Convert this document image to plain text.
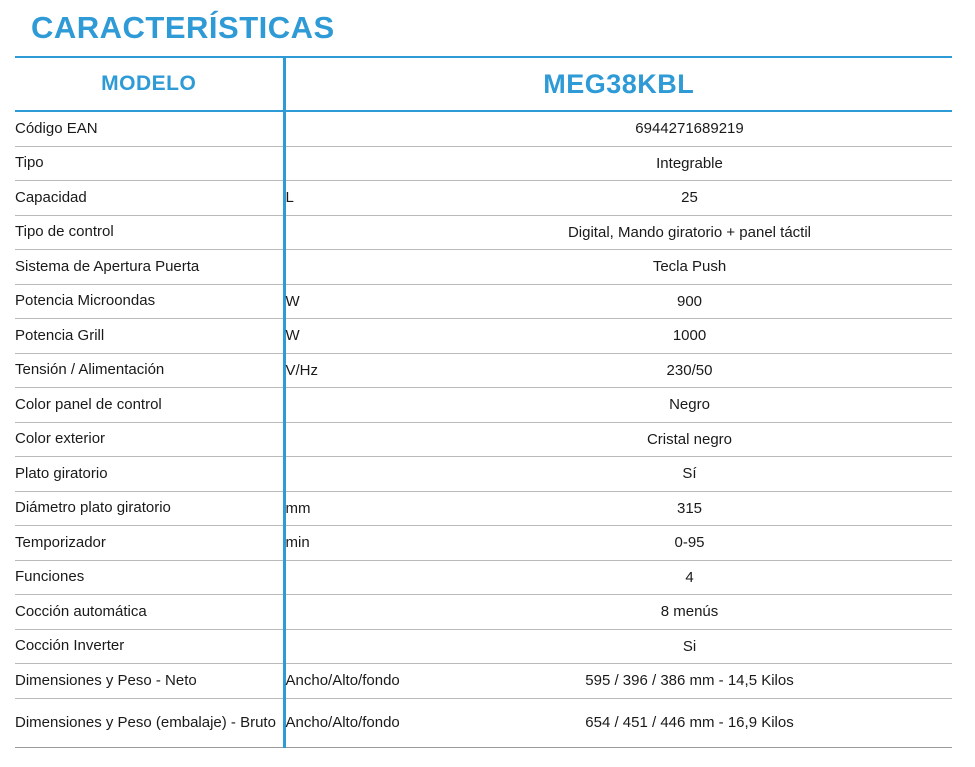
CARACTERÍSTICAS
MODELO	MEG38KBL	
Código EAN		6944271689219
Tipo		Integrable
Capacidad	L	25
Tipo de control		Digital, Mando giratorio + panel táctil
Sistema de Apertura Puerta		Tecla Push
Potencia Microondas	W	900
Potencia Grill	W	1000
Tensión / Alimentación	V/Hz	230/50
Color panel de control		Negro
Color exterior		Cristal negro
Plato giratorio		Sí
Diámetro plato giratorio	mm	315
Temporizador	min	0-95
Funciones		4
Cocción automática		8 menús
Cocción Inverter		Si
Dimensiones y Peso - Neto	Ancho/Alto/fondo	595 / 396 / 386 mm - 14,5 Kilos
Dimensiones y Peso (embalaje) - Bruto	Ancho/Alto/fondo	654 / 451 / 446 mm - 16,9 Kilos
